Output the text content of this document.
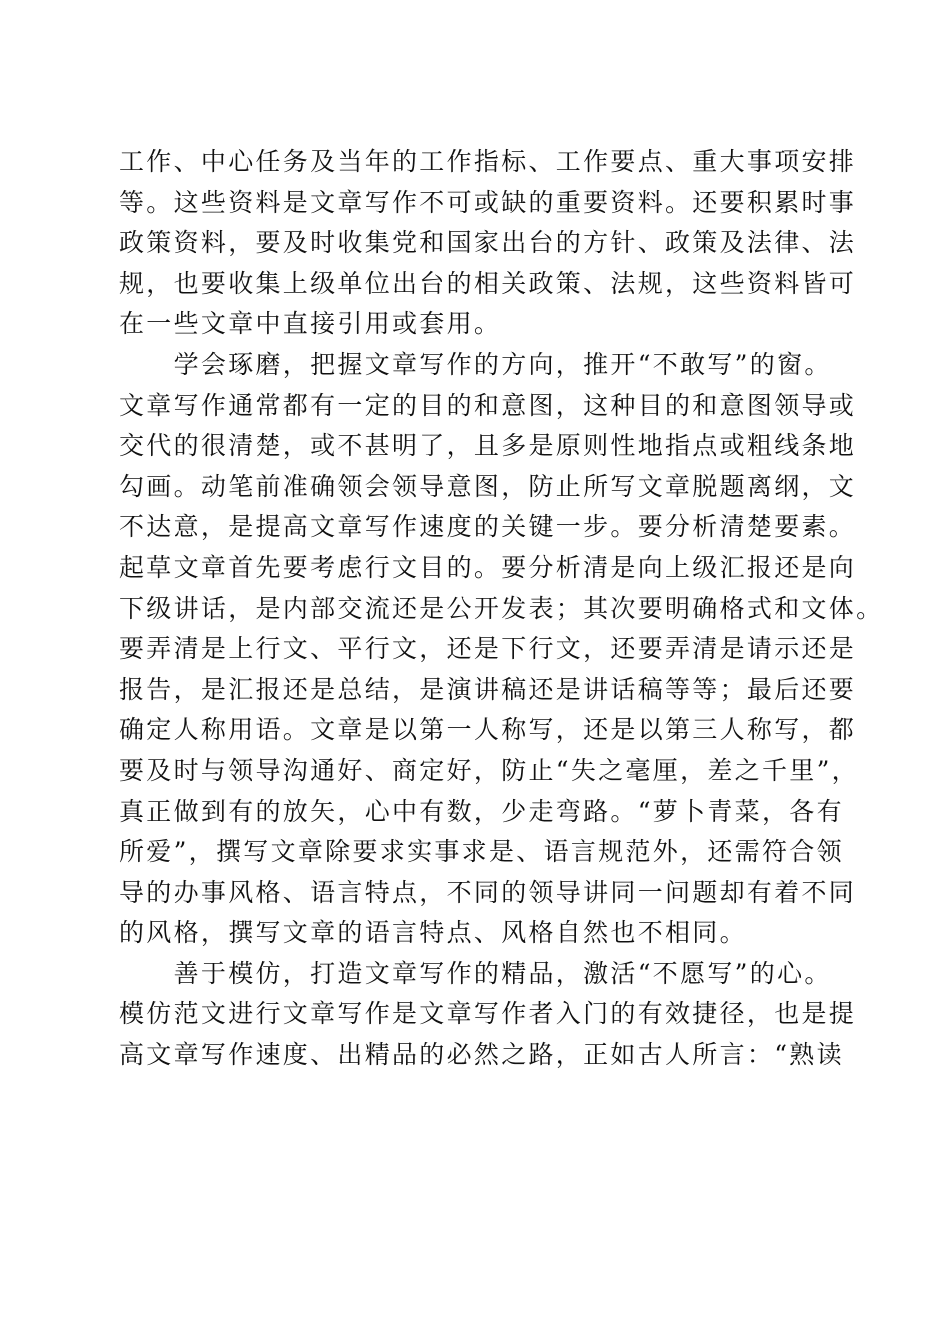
工作、中心任务及当年的工作指标、工作要点、重大事项安排
等。这些资料是文章写作不可或缺的重要资料。还要积累时事
政策资料，要及时收集党和国家出台的方针、政策及法律、法
规，也要收集上级单位出台的相关政策、法规，这些资料皆可
在一些文章中直接引用或套用。
　　学会琢磨，把握文章写作的方向，推开“不敢写”的窗。
文章写作通常都有一定的目的和意图，这种目的和意图领导或
交代的很清楚，或不甚明了，且多是原则性地指点或粗线条地
勾画。动笔前准确领会领导意图，防止所写文章脱题离纲，文
不达意，是提高文章写作速度的关键一步。要分析清楚要素。
起草文章首先要考虑行文目的。要分析清是向上级汇报还是向
下级讲话，是内部交流还是公开发表；其次要明确格式和文体。
要弄清是上行文、平行文，还是下行文，还要弄清是请示还是
报告，是汇报还是总结，是演讲稿还是讲话稿等等；最后还要
确定人称用语。文章是以第一人称写，还是以第三人称写，都
要及时与领导沟通好、商定好，防止“失之毫厘，差之千里”，
真正做到有的放矢，心中有数，少走弯路。“萝卜青菜，各有
所爱”，撰写文章除要求实事求是、语言规范外，还需符合领
导的办事风格、语言特点，不同的领导讲同一问题却有着不同
的风格，撰写文章的语言特点、风格自然也不相同。
　　善于模仿，打造文章写作的精品，激活“不愿写”的心。
模仿范文进行文章写作是文章写作者入门的有效捷径，也是提
高文章写作速度、出精品的必然之路，正如古人所言：“熟读
